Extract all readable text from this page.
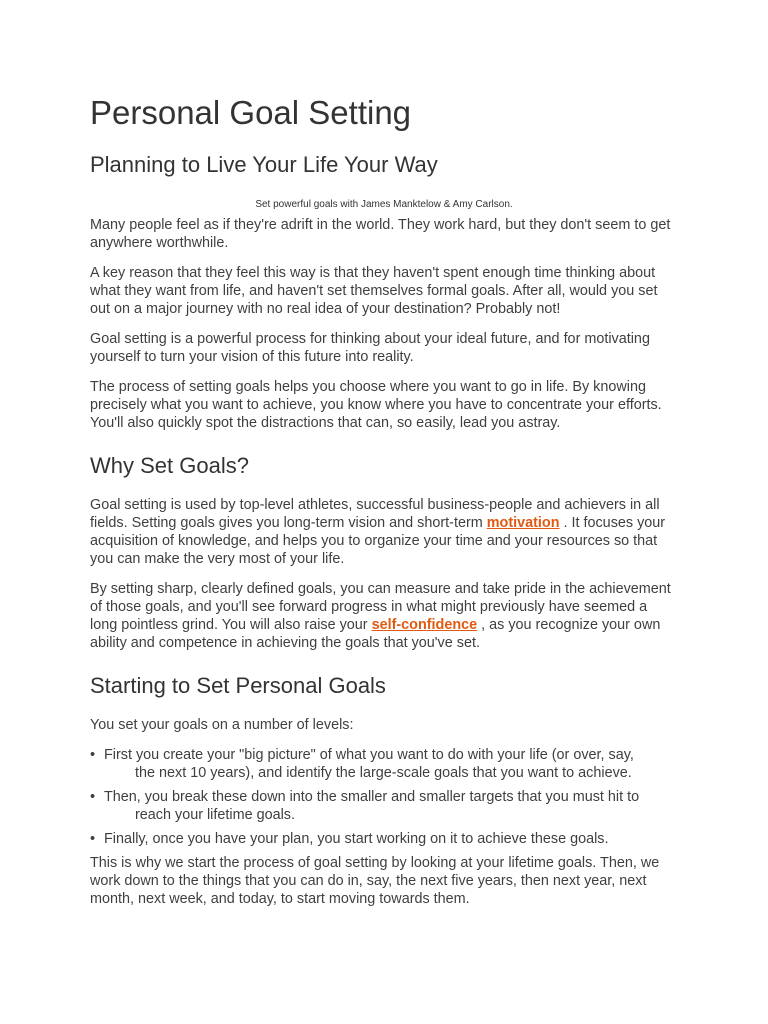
Personal Goal Setting
Planning to Live Your Life Your Way
Set powerful goals with James Manktelow & Amy Carlson.

Many people feel as if they're adrift in the world. They work hard, but they don't seem to get anywhere worthwhile.

A key reason that they feel this way is that they haven't spent enough time thinking about what they want from life, and haven't set themselves formal goals. After all, would you set out on a major journey with no real idea of your destination? Probably not!

Goal setting is a powerful process for thinking about your ideal future, and for motivating yourself to turn your vision of this future into reality.

The process of setting goals helps you choose where you want to go in life. By knowing precisely what you want to achieve, you know where you have to concentrate your efforts. You'll also quickly spot the distractions that can, so easily, lead you astray.

Why Set Goals?

Goal setting is used by top-level athletes, successful business-people and achievers in all fields. Setting goals gives you long-term vision and short-term motivation . It focuses your acquisition of knowledge, and helps you to organize your time and your resources so that you can make the very most of your life.

By setting sharp, clearly defined goals, you can measure and take pride in the achievement of those goals, and you'll see forward progress in what might previously have seemed a long pointless grind. You will also raise your self-confidence , as you recognize your own ability and competence in achieving the goals that you've set.

Starting to Set Personal Goals

You set your goals on a number of levels:

• First you create your "big picture" of what you want to do with your life (or over, say,
the next 10 years), and identify the large-scale goals that you want to achieve.
• Then, you break these down into the smaller and smaller targets that you must hit to
reach your lifetime goals.
• Finally, once you have your plan, you start working on it to achieve these goals.

This is why we start the process of goal setting by looking at your lifetime goals. Then, we work down to the things that you can do in, say, the next five years, then next year, next month, next week, and today, to start moving towards them.
